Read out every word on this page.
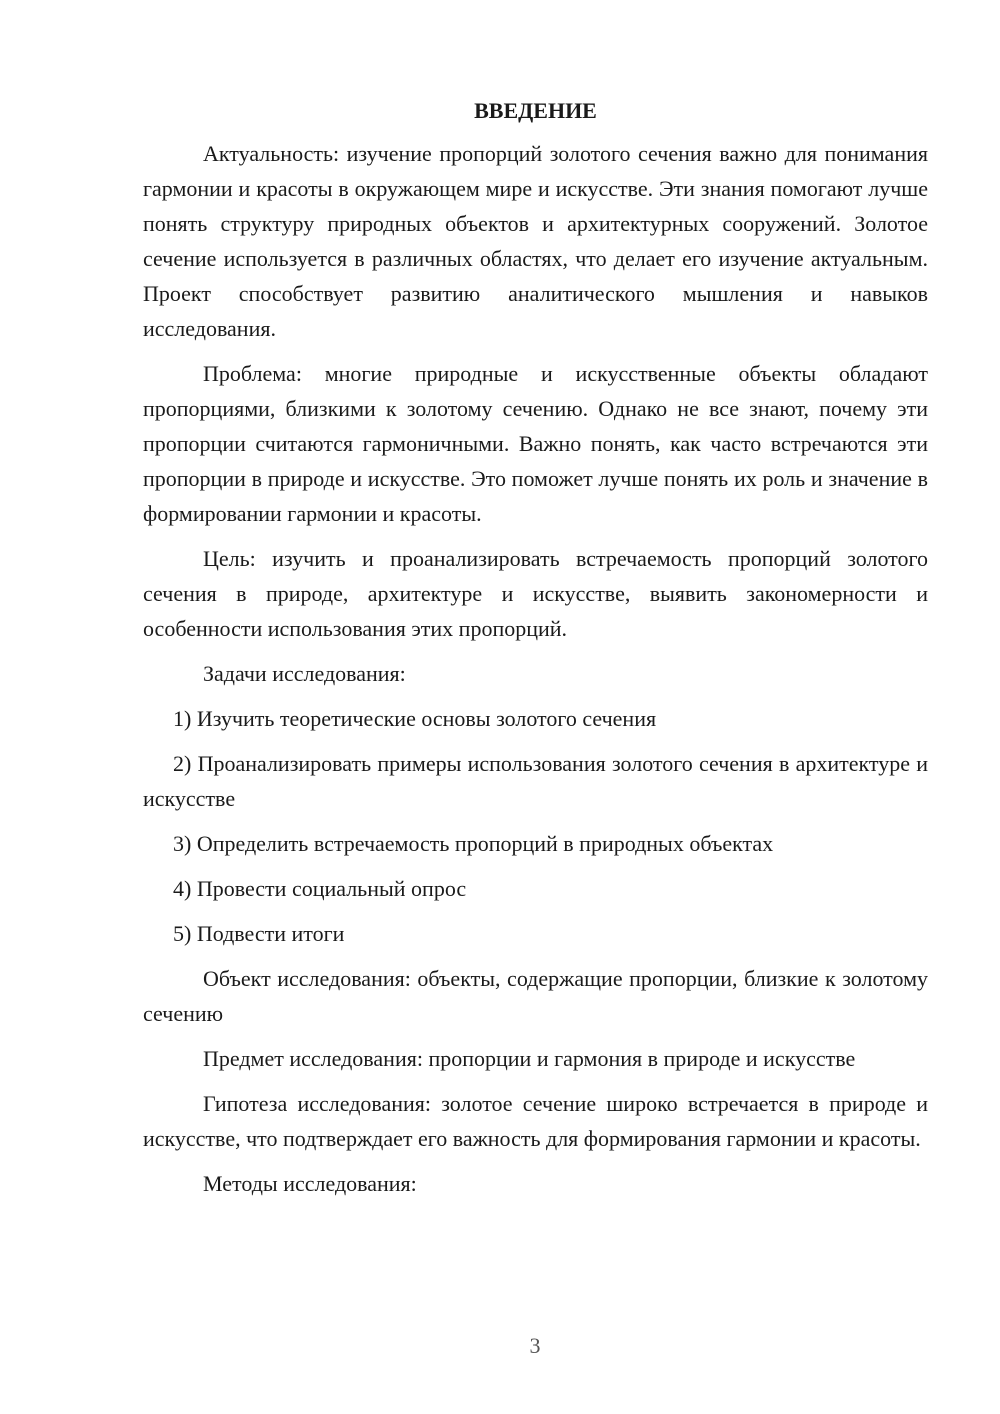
ВВЕДЕНИЕ

Актуальность: изучение пропорций золотого сечения важно для понимания гармонии и красоты в окружающем мире и искусстве. Эти знания помогают лучше понять структуру природных объектов и архитектурных сооружений. Золотое сечение используется в различных областях, что делает его изучение актуальным. Проект способствует развитию аналитического мышления и навыков исследования.

Проблема: многие природные и искусственные объекты обладают пропорциями, близкими к золотому сечению. Однако не все знают, почему эти пропорции считаются гармоничными. Важно понять, как часто встречаются эти пропорции в природе и искусстве. Это поможет лучше понять их роль и значение в формировании гармонии и красоты.

Цель: изучить и проанализировать встречаемость пропорций золотого сечения в природе, архитектуре и искусстве, выявить закономерности и особенности использования этих пропорций.

Задачи исследования:

1) Изучить теоретические основы золотого сечения

2) Проанализировать примеры использования золотого сечения в архитектуре и искусстве

3) Определить встречаемость пропорций в природных объектах

4) Провести социальный опрос

5) Подвести итоги

Объект исследования: объекты, содержащие пропорции, близкие к золотому сечению

Предмет исследования: пропорции и гармония в природе и искусстве

Гипотеза исследования: золотое сечение широко встречается в природе и искусстве, что подтверждает его важность для формирования гармонии и красоты.

Методы исследования:

3
